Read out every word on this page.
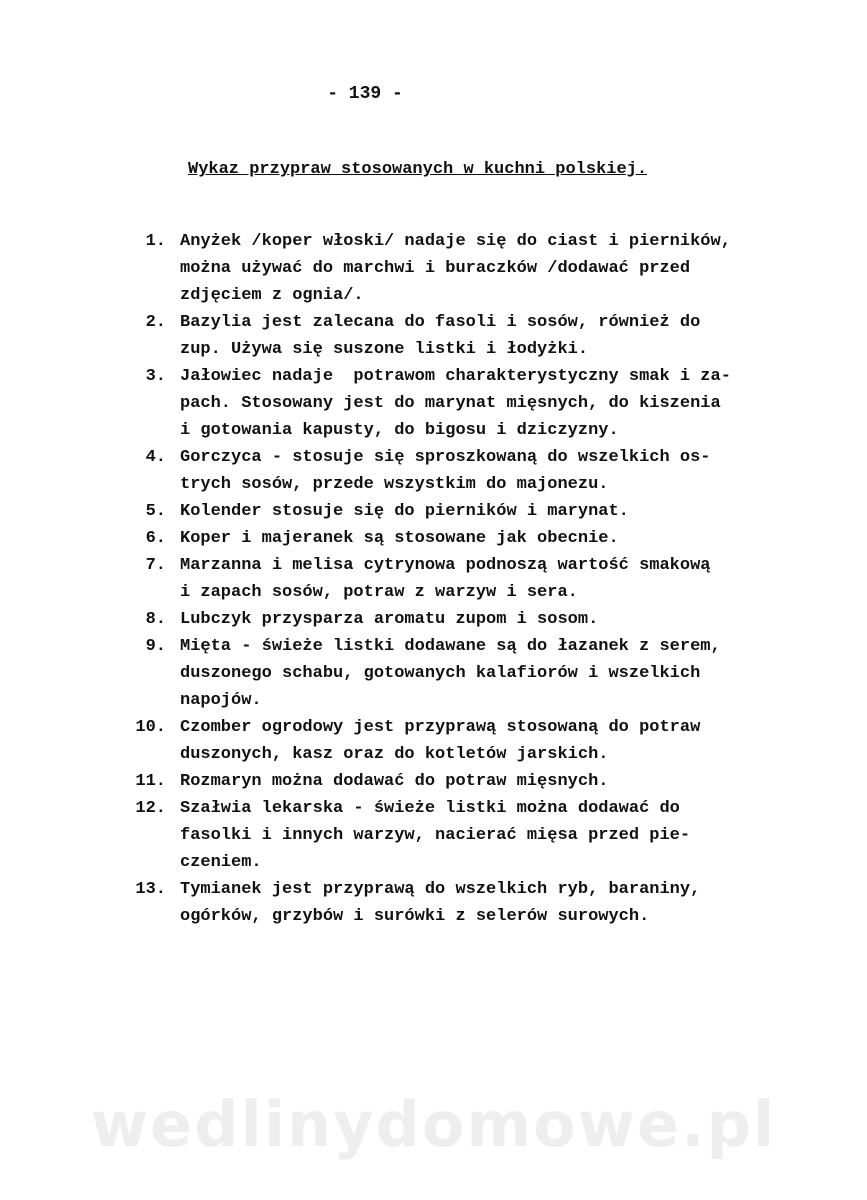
- 139 -
Wykaz przypraw stosowanych w kuchni polskiej.
1. Anyżek /koper włoski/ nadaje się do ciast i pierników,
można używać do marchwi i buraczków /dodawać przed
zdjęciem z ognia/.
2. Bazylia jest zalecana do fasoli i sosów, również do
zup. Używa się suszone listki i łodyżki.
3. Jałowiec nadaje  potrawom charakterystyczny smak i za-
pach. Stosowany jest do marynat mięsnych, do kiszenia
i gotowania kapusty, do bigosu i dziczyzny.
4. Gorczyca - stosuje się sproszkowaną do wszelkich os-
trych sosów, przede wszystkim do majonezu.
5. Kolender stosuje się do pierników i marynat.
6. Koper i majeranek są stosowane jak obecnie.
7. Marzanna i melisa cytrynowa podnoszą wartość smakową
i zapach sosów, potraw z warzyw i sera.
8. Lubczyk przysparza aromatu zupom i sosom.
9. Mięta - świeże listki dodawane są do łazanek z serem,
duszonego schabu, gotowanych kalafiorów i wszelkich
napojów.
10. Czomber ogrodowy jest przyprawą stosowaną do potraw
duszonych, kasz oraz do kotletów jarskich.
11. Rozmaryn można dodawać do potraw mięsnych.
12. Szałwia lekarska - świeże listki można dodawać do
fasolki i innych warzyw, nacierać mięsa przed pie-
czeniem.
13. Tymianek jest przyprawą do wszelkich ryb, baraniny,
ogórków, grzybów i surówki z selerów surowych.
wedlinydomowe.pl
